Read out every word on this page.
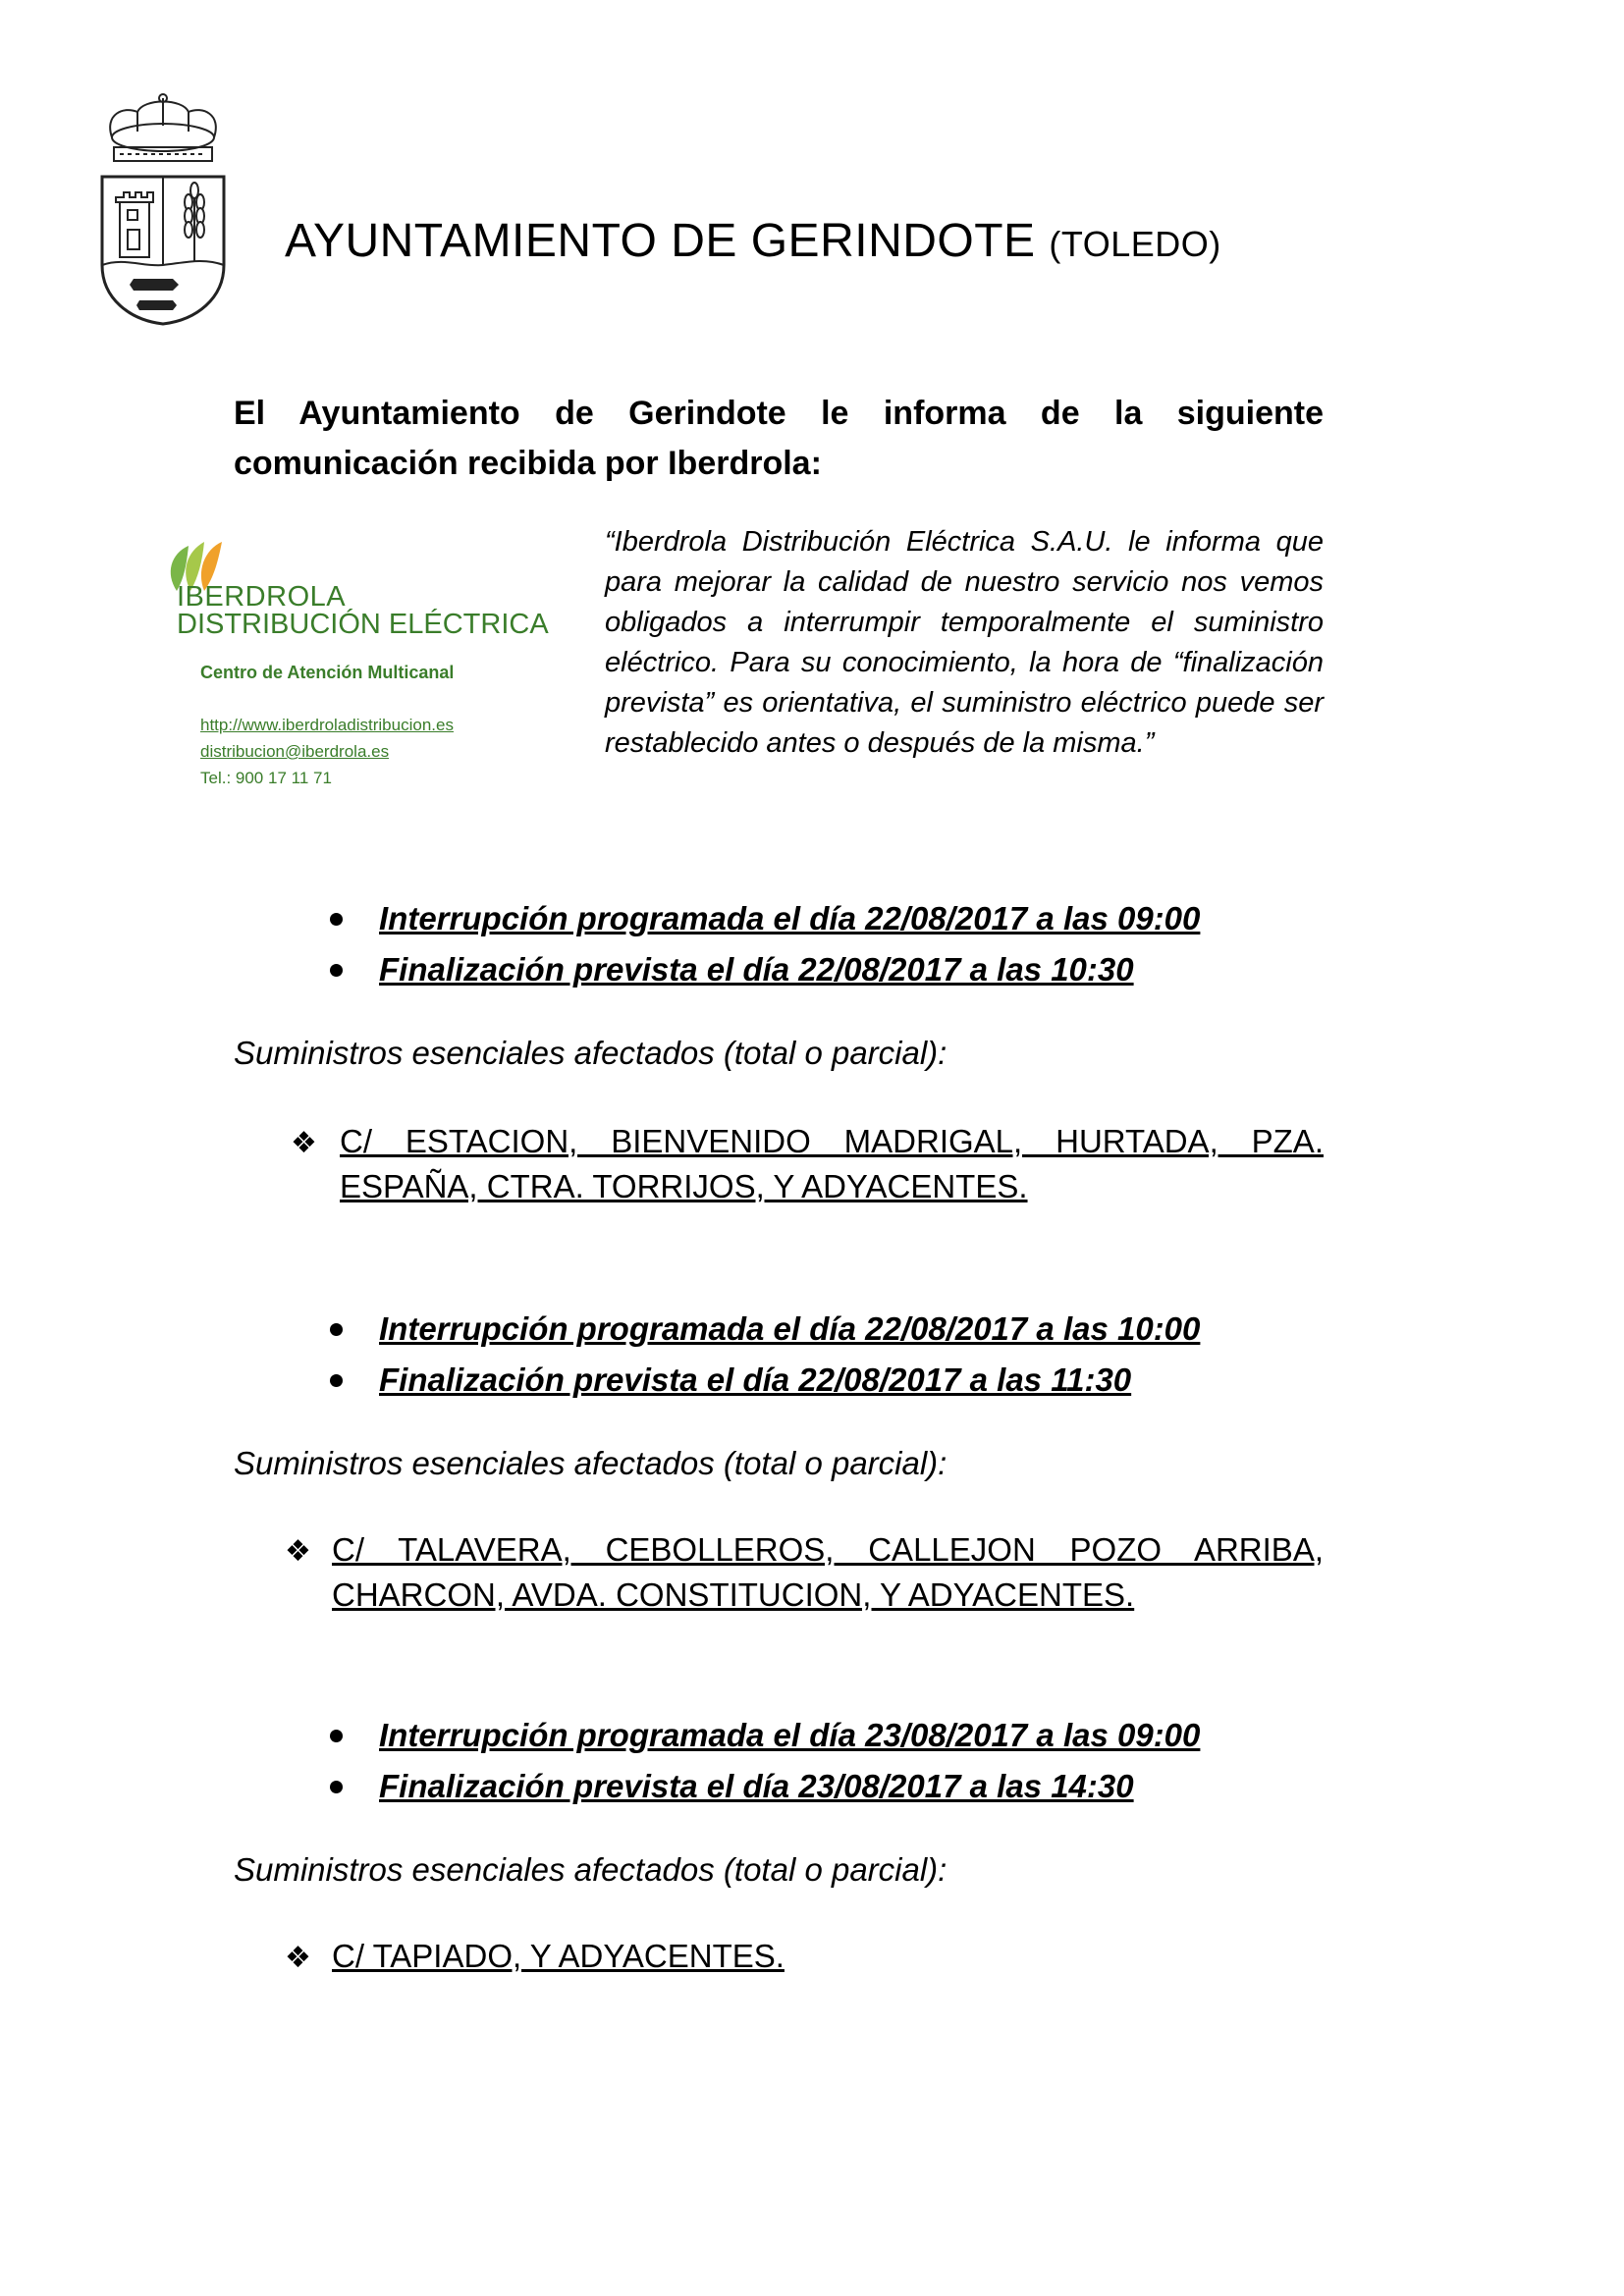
AYUNTAMIENTO DE GERINDOTE (TOLEDO)
El Ayuntamiento de Gerindote le informa de la siguiente
comunicación recibida por Iberdrola:
IBERDROLA
DISTRIBUCIÓN ELÉCTRICA
Centro de Atención Multicanal
http://www.iberdroladistribucion.es
distribucion@iberdrola.es
Tel.: 900 17 11 71
“Iberdrola Distribución Eléctrica S.A.U. le informa que para mejorar la calidad de nuestro servicio nos vemos obligados a interrumpir temporalmente el suministro eléctrico. Para su conocimiento, la hora de “finalización prevista” es orientativa, el suministro eléctrico puede ser restablecido antes o después de la misma.”
Interrupción programada el día 22/08/2017 a las 09:00
Finalización prevista el día 22/08/2017 a las 10:30
Suministros esenciales afectados (total o parcial):
❖ C/ ESTACION, BIENVENIDO MADRIGAL, HURTADA, PZA.
ESPAÑA, CTRA. TORRIJOS, Y ADYACENTES.
Interrupción programada el día 22/08/2017 a las 10:00
Finalización prevista el día 22/08/2017 a las 11:30
Suministros esenciales afectados (total o parcial):
❖ C/ TALAVERA, CEBOLLEROS, CALLEJON POZO ARRIBA,
CHARCON, AVDA. CONSTITUCION, Y ADYACENTES.
Interrupción programada el día 23/08/2017 a las 09:00
Finalización prevista el día 23/08/2017 a las 14:30
Suministros esenciales afectados (total o parcial):
❖ C/ TAPIADO, Y ADYACENTES.
